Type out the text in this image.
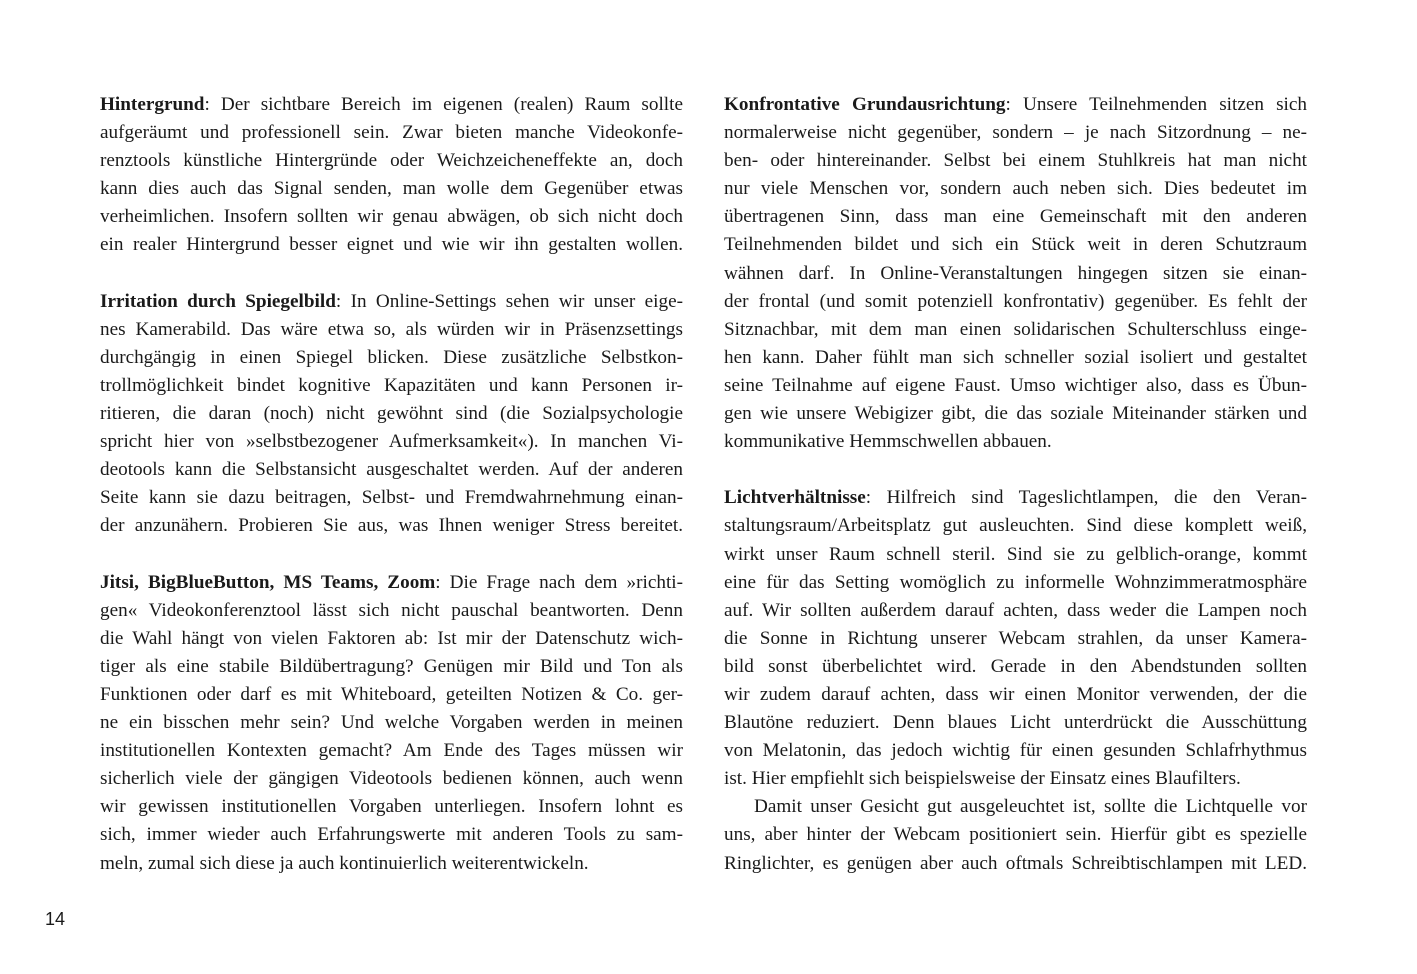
Hintergrund: Der sichtbare Bereich im eigenen (realen) Raum sollte
aufgeräumt und professionell sein. Zwar bieten manche Videokonfe-
renztools künstliche Hintergründe oder Weichzeicheneffekte an, doch
kann dies auch das Signal senden, man wolle dem Gegenüber etwas
verheimlichen. Insofern sollten wir genau abwägen, ob sich nicht doch
ein realer Hintergrund besser eignet und wie wir ihn gestalten wollen.

Irritation durch Spiegelbild: In Online-Settings sehen wir unser eige-
nes Kamerabild. Das wäre etwa so, als würden wir in Präsenzsettings
durchgängig in einen Spiegel blicken. Diese zusätzliche Selbstkon-
trollmöglichkeit bindet kognitive Kapazitäten und kann Personen ir-
ritieren, die daran (noch) nicht gewöhnt sind (die Sozialpsychologie
spricht hier von »selbstbezogener Aufmerksamkeit«). In manchen Vi-
deotools kann die Selbstansicht ausgeschaltet werden. Auf der anderen
Seite kann sie dazu beitragen, Selbst- und Fremdwahrnehmung einan-
der anzunähern. Probieren Sie aus, was Ihnen weniger Stress bereitet.

Jitsi, BigBlueButton, MS Teams, Zoom: Die Frage nach dem »richti-
gen« Videokonferenztool lässt sich nicht pauschal beantworten. Denn
die Wahl hängt von vielen Faktoren ab: Ist mir der Datenschutz wich-
tiger als eine stabile Bildübertragung? Genügen mir Bild und Ton als
Funktionen oder darf es mit Whiteboard, geteilten Notizen & Co. ger-
ne ein bisschen mehr sein? Und welche Vorgaben werden in meinen
institutionellen Kontexten gemacht? Am Ende des Tages müssen wir
sicherlich viele der gängigen Videotools bedienen können, auch wenn
wir gewissen institutionellen Vorgaben unterliegen. Insofern lohnt es
sich, immer wieder auch Erfahrungswerte mit anderen Tools zu sam-
meln, zumal sich diese ja auch kontinuierlich weiterentwickeln.

Konfrontative Grundausrichtung: Unsere Teilnehmenden sitzen sich
normalerweise nicht gegenüber, sondern – je nach Sitzordnung – ne-
ben- oder hintereinander. Selbst bei einem Stuhlkreis hat man nicht
nur viele Menschen vor, sondern auch neben sich. Dies bedeutet im
übertragenen Sinn, dass man eine Gemeinschaft mit den anderen
Teilnehmenden bildet und sich ein Stück weit in deren Schutzraum
wähnen darf. In Online-Veranstaltungen hingegen sitzen sie einan-
der frontal (und somit potenziell konfrontativ) gegenüber. Es fehlt der
Sitznachbar, mit dem man einen solidarischen Schulterschluss einge-
hen kann. Daher fühlt man sich schneller sozial isoliert und gestaltet
seine Teilnahme auf eigene Faust. Umso wichtiger also, dass es Übun-
gen wie unsere Webigizer gibt, die das soziale Miteinander stärken und
kommunikative Hemmschwellen abbauen.

Lichtverhältnisse: Hilfreich sind Tageslichtlampen, die den Veran-
staltungsraum/Arbeitsplatz gut ausleuchten. Sind diese komplett weiß,
wirkt unser Raum schnell steril. Sind sie zu gelblich-orange, kommt
eine für das Setting womöglich zu informelle Wohnzimmeratmosphäre
auf. Wir sollten außerdem darauf achten, dass weder die Lampen noch
die Sonne in Richtung unserer Webcam strahlen, da unser Kamera-
bild sonst überbelichtet wird. Gerade in den Abendstunden sollten
wir zudem darauf achten, dass wir einen Monitor verwenden, der die
Blautöne reduziert. Denn blaues Licht unterdrückt die Ausschüttung
von Melatonin, das jedoch wichtig für einen gesunden Schlafrhythmus
ist. Hier empfiehlt sich beispielsweise der Einsatz eines Blaufilters.

Damit unser Gesicht gut ausgeleuchtet ist, sollte die Lichtquelle vor
uns, aber hinter der Webcam positioniert sein. Hierfür gibt es spezielle
Ringlichter, es genügen aber auch oftmals Schreibtischlampen mit LED.

14
